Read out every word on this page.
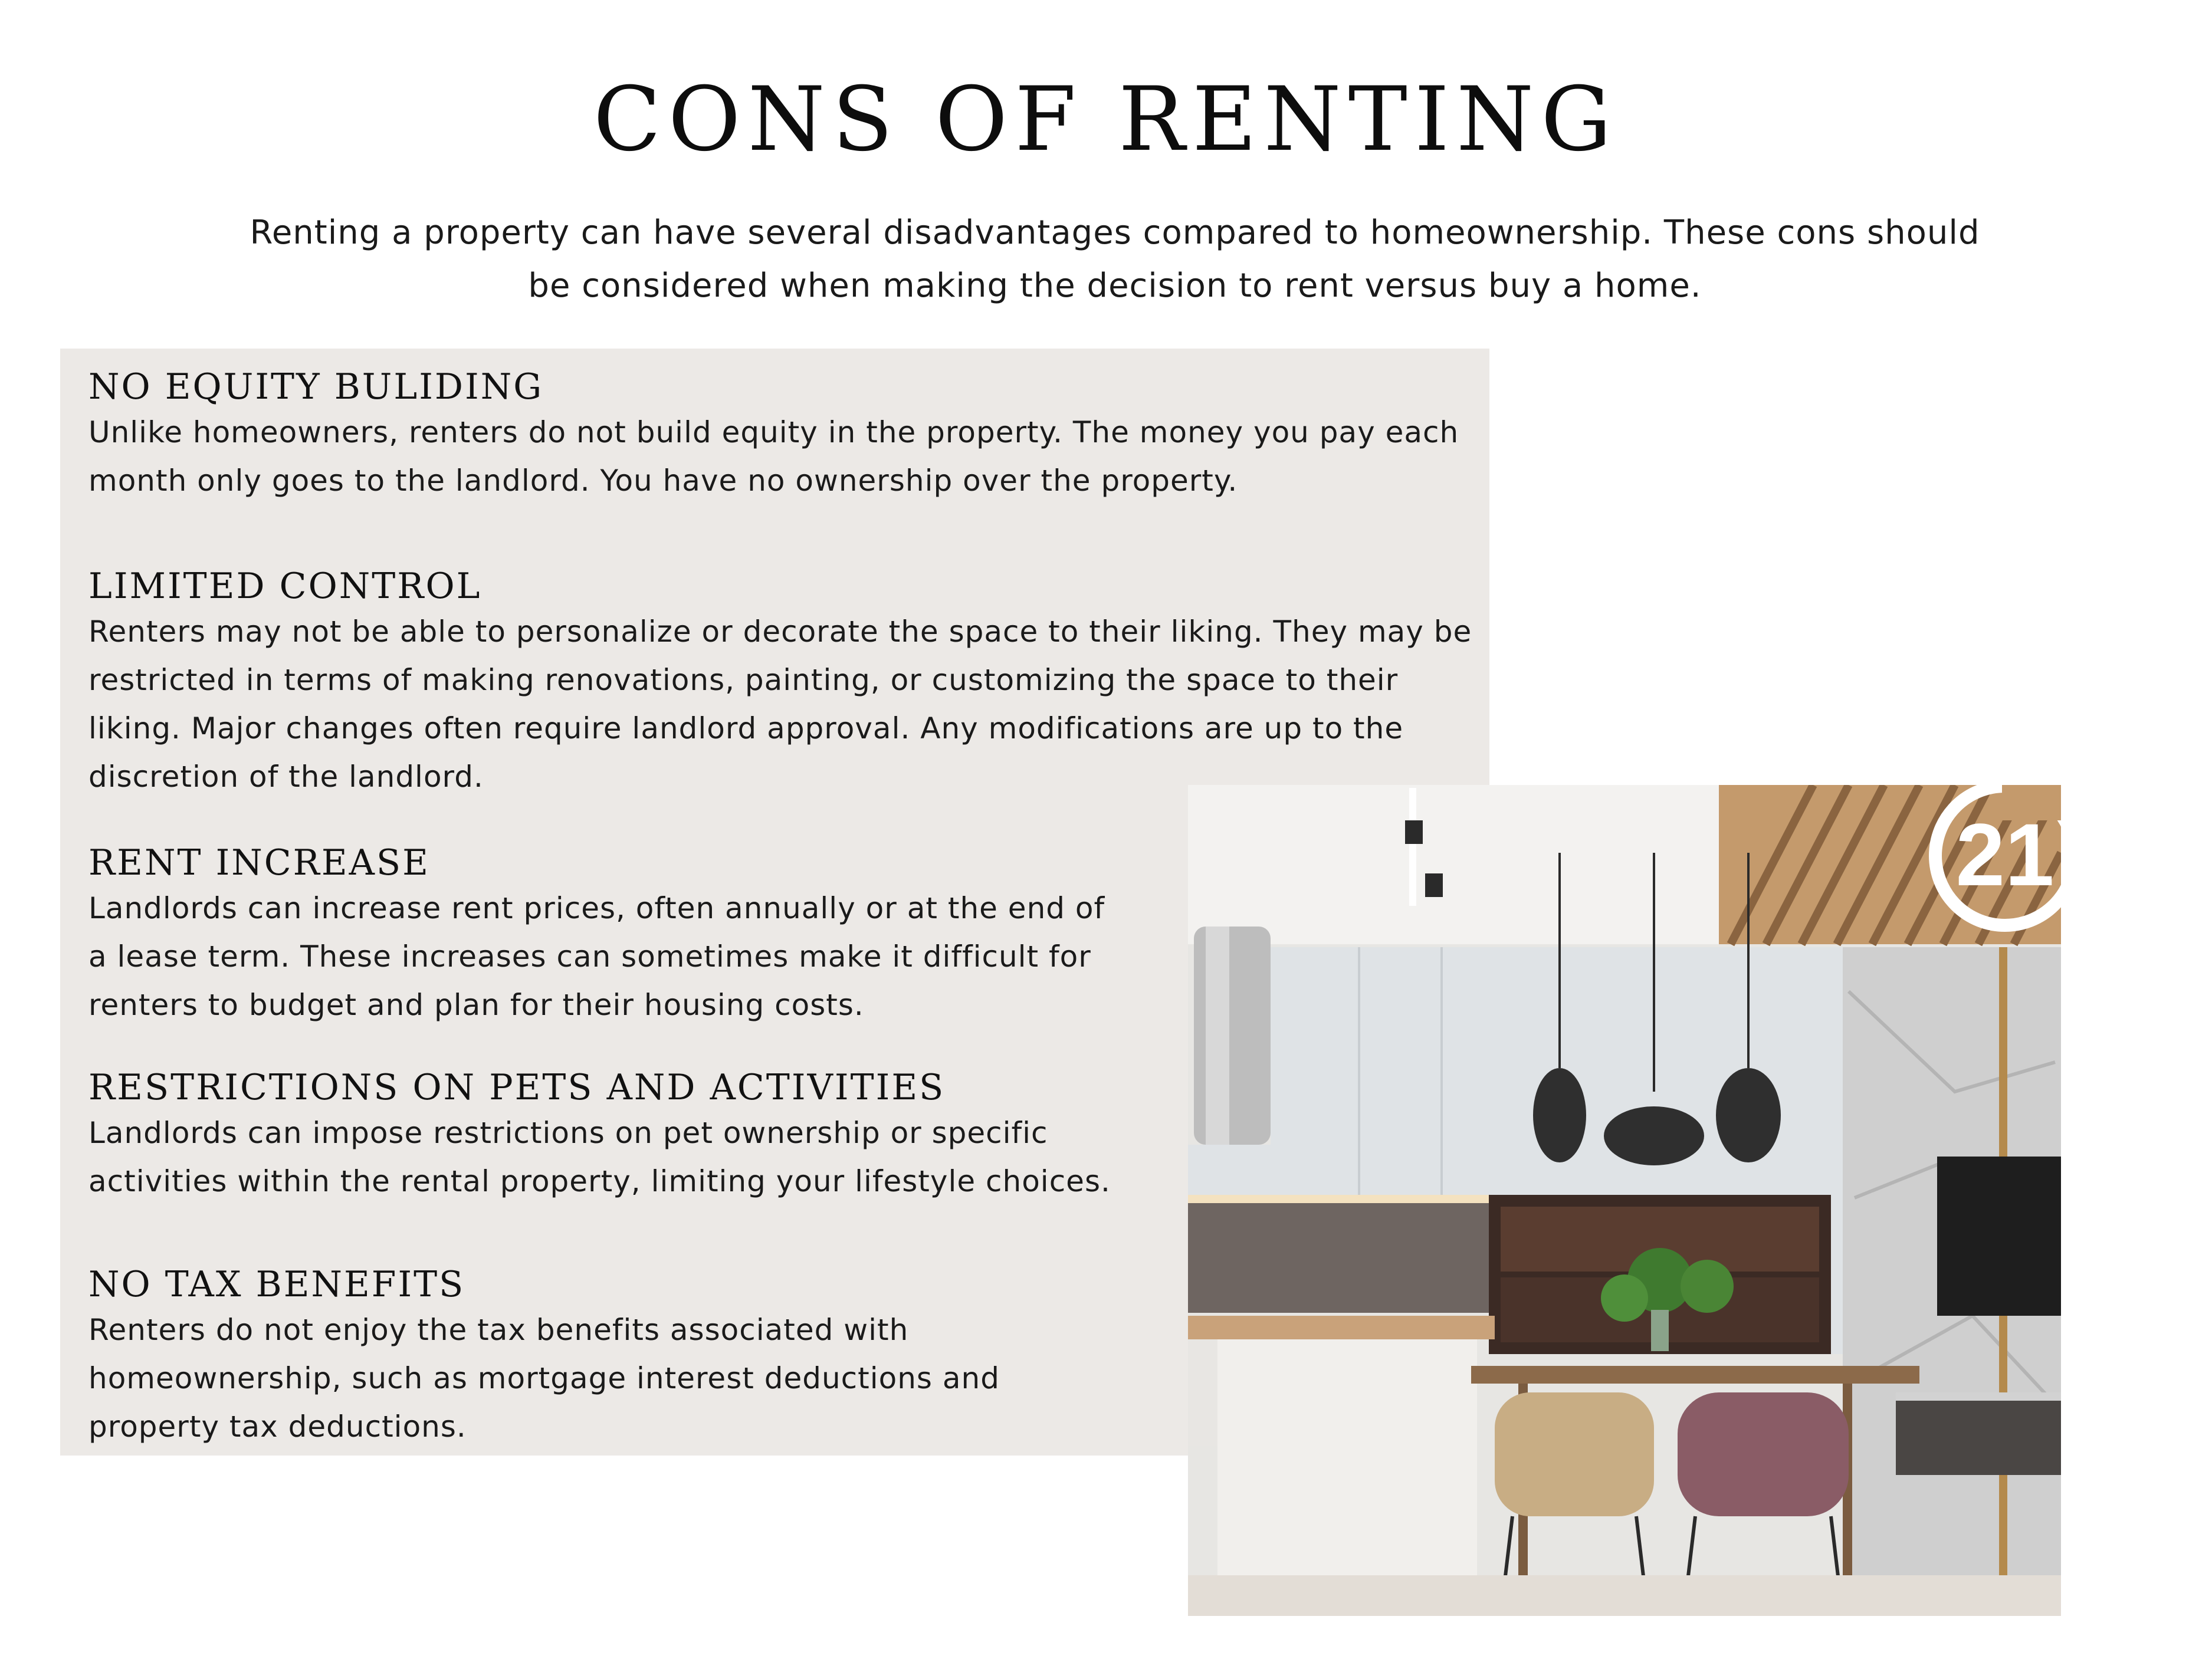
CONS OF RENTING

Renting a property can have several disadvantages compared to homeownership. These cons should be considered when making the decision to rent versus buy a home.

NO EQUITY BULIDING

Unlike homeowners, renters do not build equity in the property. The money you pay each month only goes to the landlord. You have no ownership over the property.

LIMITED CONTROL

Renters may not be able to personalize or decorate the space to their liking. They may be restricted in terms of making renovations, painting, or customizing the space to their liking. Major changes often require landlord approval. Any modifications are up to the discretion of the landlord.

RENT INCREASE

Landlords can increase rent prices, often annually or at the end of a lease term. These increases can sometimes make it difficult for renters to budget and plan for their housing costs.

RESTRICTIONS ON PETS AND ACTIVITIES

Landlords can impose restrictions on pet ownership or specific activities within the rental property, limiting your lifestyle choices.

NO TAX BENEFITS

Renters do not enjoy the tax benefits associated with homeownership, such as mortgage interest deductions and property tax deductions.

21
